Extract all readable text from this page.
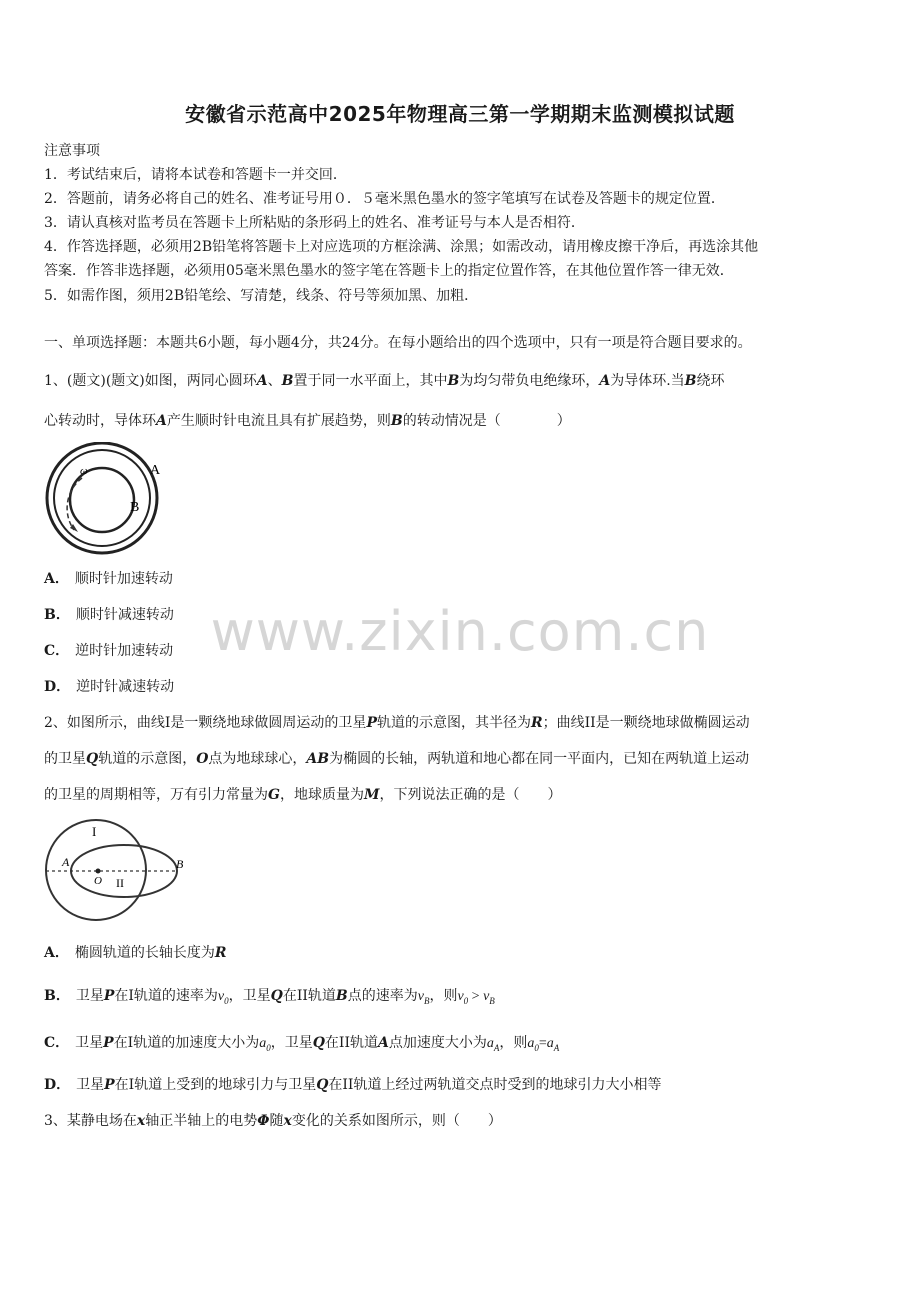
安徽省示范高中2025年物理高三第一学期期末监测模拟试题
注意事项
1．考试结束后，请将本试卷和答题卡一并交回．
2．答题前，请务必将自己的姓名、准考证号用０．５毫米黑色墨水的签字笔填写在试卷及答题卡的规定位置．
3．请认真核对监考员在答题卡上所粘贴的条形码上的姓名、准考证号与本人是否相符．
4．作答选择题，必须用2B铅笔将答题卡上对应选项的方框涂满、涂黑；如需改动，请用橡皮擦干净后，再选涂其他
答案．作答非选择题，必须用05毫米黑色墨水的签字笔在答题卡上的指定位置作答，在其他位置作答一律无效．
5．如需作图，须用2B铅笔绘、写清楚，线条、符号等须加黑、加粗．
一、单项选择题：本题共6小题，每小题4分，共24分。在每小题给出的四个选项中，只有一项是符合题目要求的。
1、(题文)(题文)如图，两同心圆环A、B置于同一水平面上，其中B为均匀带负电绝缘环，A为导体环.当B绕环
心转动时，导体环A产生顺时针电流且具有扩展趋势，则B的转动情况是（　　　　）
ω	A
B
A． 顺时针加速转动
B． 顺时针减速转动
C． 逆时针加速转动
D． 逆时针减速转动
2、如图所示，曲线I是一颗绕地球做圆周运动的卫星P轨道的示意图，其半径为R；曲线II是一颗绕地球做椭圆运动
的卫星Q轨道的示意图，O点为地球球心，AB为椭圆的长轴，两轨道和地心都在同一平面内，已知在两轨道上运动
的卫星的周期相等，万有引力常量为G，地球质量为M，下列说法正确的是（　　）
I
II
A	B
O
A． 椭圆轨道的长轴长度为R
B． 卫星P在I轨道的速率为$v_0$，卫星Q在II轨道B点的速率为$v_B$，则$v_0 > v_B$
C． 卫星P在I轨道的加速度大小为$a_0$，卫星Q在II轨道A点加速度大小为$a_A$，则$a_0=a_A$
D． 卫星P在I轨道上受到的地球引力与卫星Q在II轨道上经过两轨道交点时受到的地球引力大小相等
3、某静电场在x轴正半轴上的电势Φ随x变化的关系如图所示，则（　　）
www.zixin.com.cn
